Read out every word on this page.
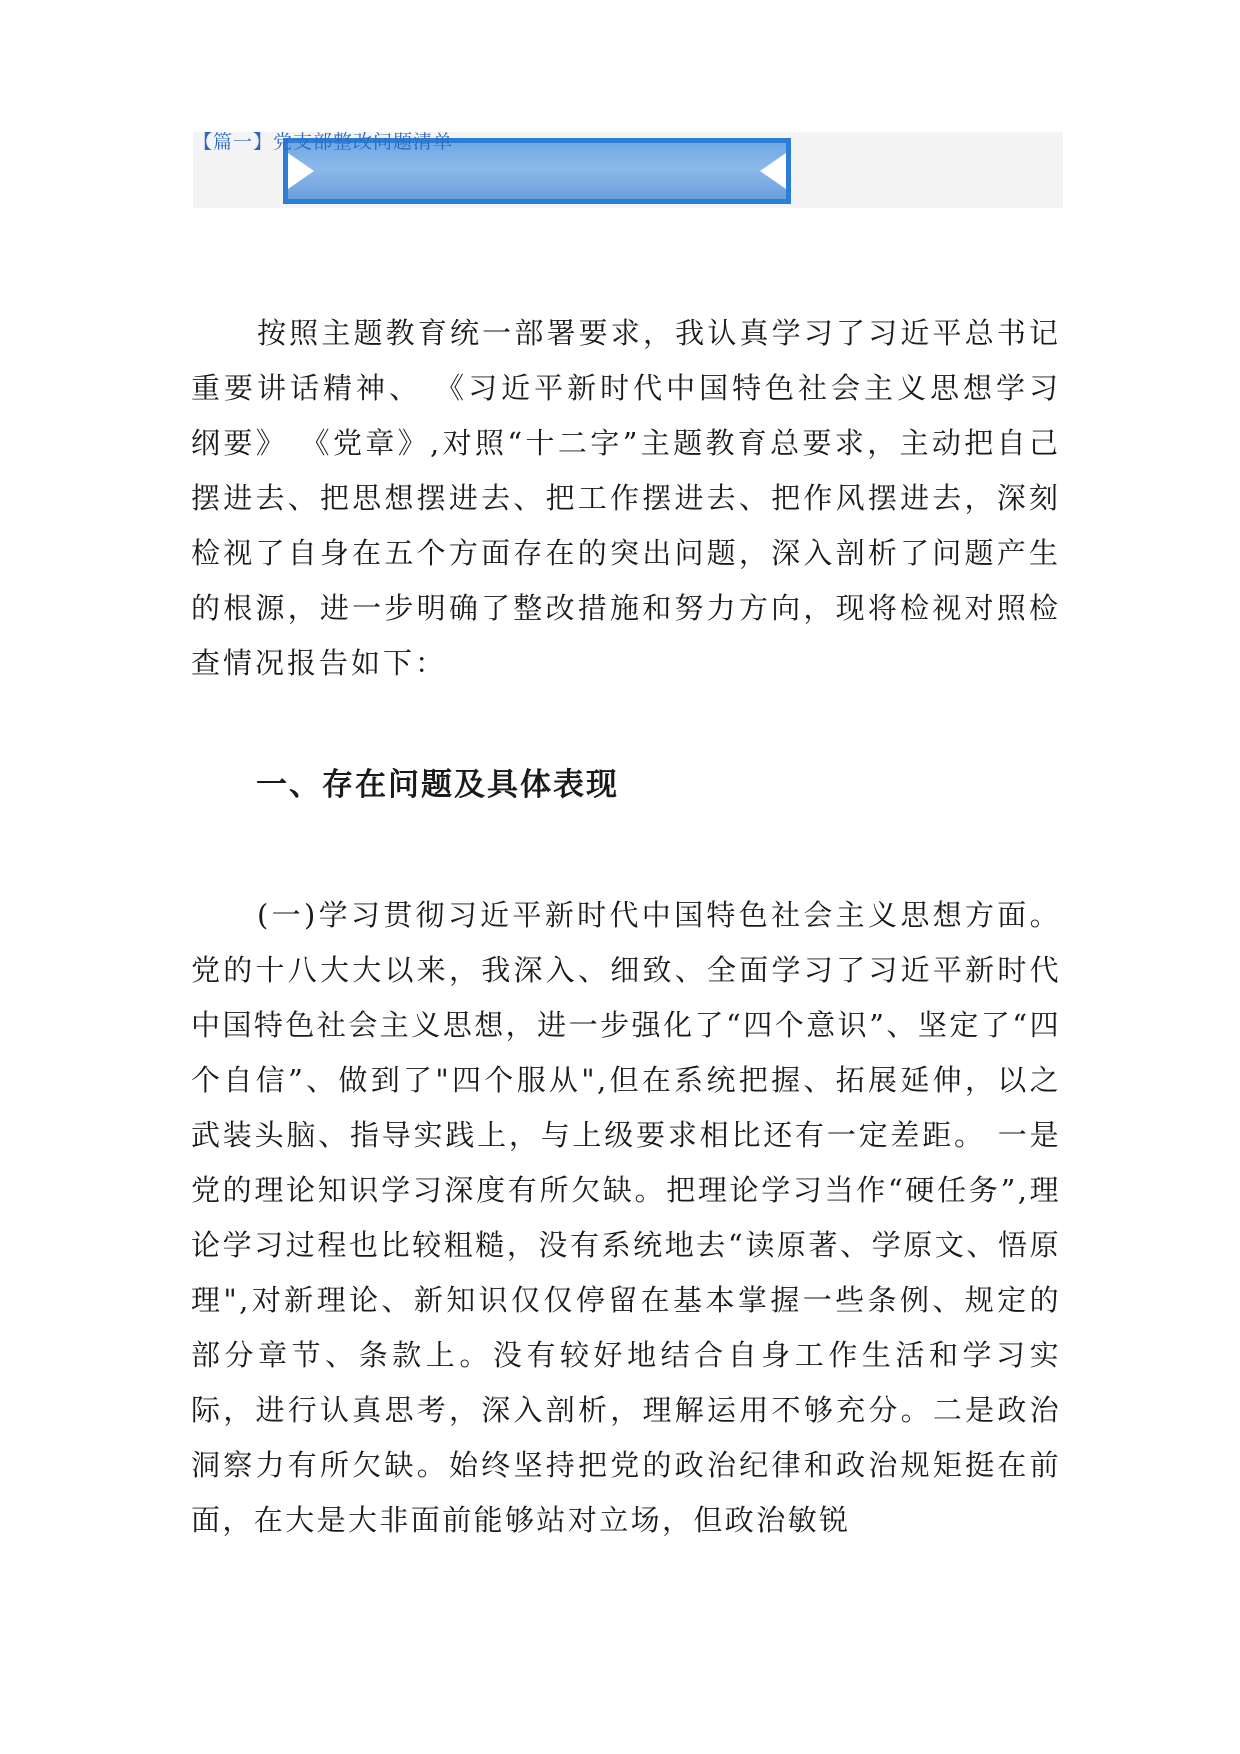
【篇一】党支部整改问题清单

按照主题教育统一部署要求，我认真学习了习近平总书记重要讲话精神、 《习近平新时代中国特色社会主义思想学习纲要》 《党章》,对照“十二字”主题教育总要求，主动把自己摆进去、把思想摆进去、把工作摆进去、把作风摆进去，深刻检视了自身在五个方面存在的突出问题，深入剖析了问题产生的根源，进一步明确了整改措施和努力方向，现将检视对照检查情况报告如下：

一、存在问题及具体表现

(一)学习贯彻习近平新时代中国特色社会主义思想方面。党的十八大大以来，我深入、细致、全面学习了习近平新时代中国特色社会主义思想，进一步强化了“四个意识”、坚定了“四个自信”、做到了"四个服从",但在系统把握、拓展延伸，以之武装头脑、指导实践上，与上级要求相比还有一定差距。 一是党的理论知识学习深度有所欠缺。把理论学习当作“硬任务”,理论学习过程也比较粗糙，没有系统地去“读原著、学原文、悟原理",对新理论、新知识仅仅停留在基本掌握一些条例、规定的部分章节、条款上。没有较好地结合自身工作生活和学习实际，进行认真思考，深入剖析，理解运用不够充分。二是政治洞察力有所欠缺。始终坚持把党的政治纪律和政治规矩挺在前面，在大是大非面前能够站对立场，但政治敏锐
